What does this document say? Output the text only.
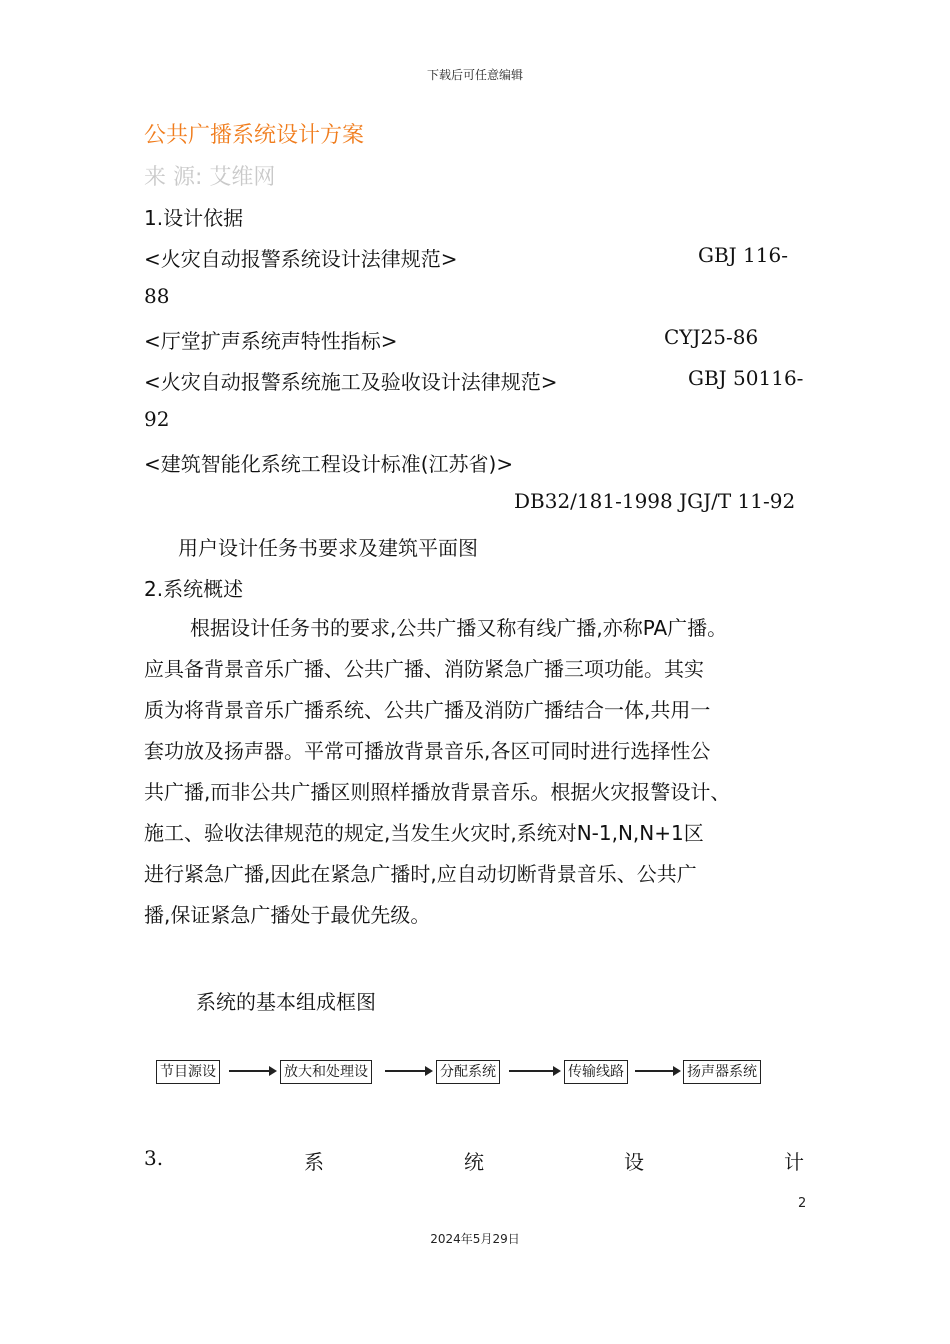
下载后可任意编辑
公共广播系统设计方案
来 源: 艾维网
1.设计依据
<火灾自动报警系统设计法律规范>	GBJ 116-
88
<厅堂扩声系统声特性指标>	CYJ25-86
<火灾自动报警系统施工及验收设计法律规范>	GBJ 50116-
92
<建筑智能化系统工程设计标准(江苏省)>
DB32/181-1998 JGJ/T 11-92
用户设计任务书要求及建筑平面图
2.系统概述

根据设计任务书的要求,公共广播又称有线广播,亦称PA广播。

应具备背景音乐广播、公共广播、消防紧急广播三项功能。其实

质为将背景音乐广播系统、公共广播及消防广播结合一体,共用一

套功放及扬声器。平常可播放背景音乐,各区可同时进行选择性公

共广播,而非公共广播区则照样播放背景音乐。根据火灾报警设计、

施工、验收法律规范的规定,当发生火灾时,系统对N-1,N,N+1区

进行紧急广播,因此在紧急广播时,应自动切断背景音乐、公共广

播,保证紧急广播处于最优先级。

系统的基本组成框图
节目源设	放大和处理设	分配系统	传输线路	扬声器系统
3.	系	统	设	计
2
2024年5月29日
